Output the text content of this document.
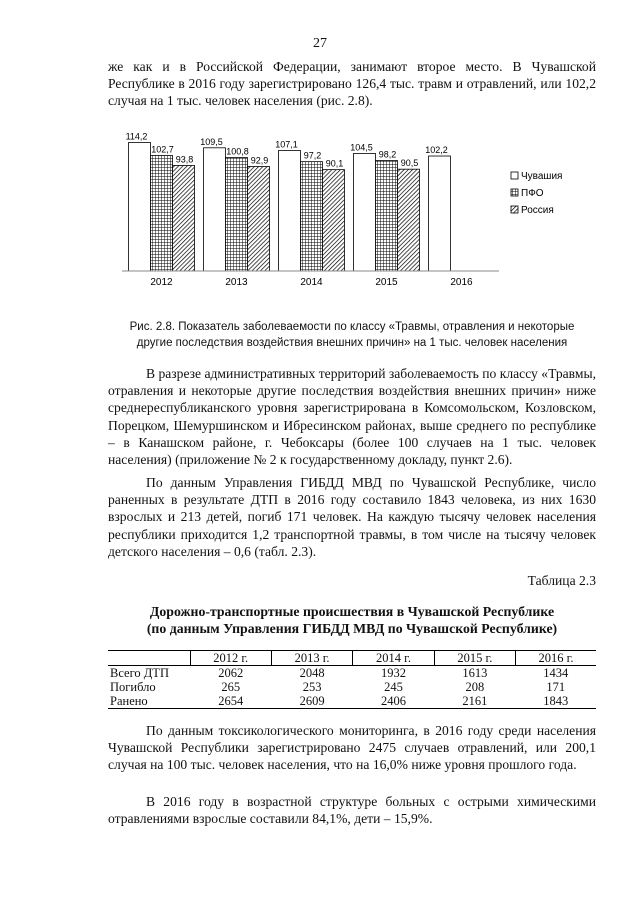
27

же как и в Российской Федерации, занимают второе место. В Чувашской Республике в 2016 году зарегистрировано 126,4 тыс. травм и отравлений, или 102,2 случая на 1 тыс. человек населения (рис. 2.8).

114,2
102,7
93,8
109,5
100,8
92,9
107,1
97,2
90,1
104,5
98,2
90,5
102,2
2012	2013	2014	2015	2016
Чувашия
ПФО
Россия
Рис. 2.8. Показатель заболеваемости по классу «Травмы, отравления и некоторые
другие последствия воздействия внешних причин» на 1 тыс. человек населения

В разрезе административных территорий заболеваемость по классу «Травмы, отравления и некоторые другие последствия воздействия внешних причин» ниже среднереспубликанского уровня зарегистрирована в Комсомольском, Козловском, Порецком, Шемуршинском и Ибресинском районах, выше среднего по республике – в Канашском районе, г. Чебоксары (более 100 случаев на 1 тыс. человек населения) (приложение № 2 к государственному докладу, пункт 2.6).

По данным Управления ГИБДД МВД по Чувашской Республике, число раненных в результате ДТП в 2016 году составило 1843 человека, из них 1630 взрослых и 213 детей, погиб 171 человек. На каждую тысячу человек населения республики приходится 1,2 транспортной травмы, в том числе на тысячу человек детского населения – 0,6 (табл. 2.3).

Таблица 2.3
Дорожно-транспортные происшествия в Чувашской Республике
(по данным Управления ГИБДД МВД по Чувашской Республике)
	2012 г.	2013 г.	2014 г.	2015 г.	2016 г.
Всего ДТП	2062	2048	1932	1613	1434
Погибло	265	253	245	208	171
Ранено	2654	2609	2406	2161	1843

По данным токсикологического мониторинга, в 2016 году среди населения Чувашской Республики зарегистрировано 2475 случаев отравлений, или 200,1 случая на 100 тыс. человек населения, что на 16,0% ниже уровня прошлого года.

В 2016 году в возрастной структуре больных с острыми химическими отравлениями взрослые составили 84,1%, дети – 15,9%.
